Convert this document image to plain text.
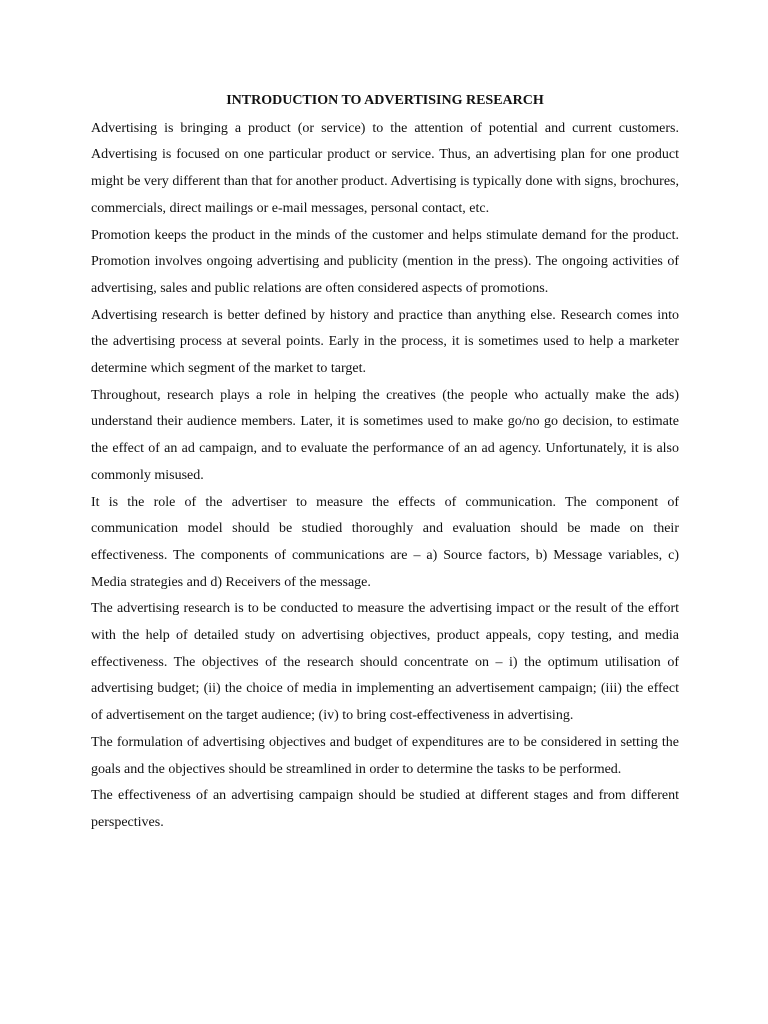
INTRODUCTION TO ADVERTISING RESEARCH

Advertising is bringing a product (or service) to the attention of potential and current customers. Advertising is focused on one particular product or service. Thus, an advertising plan for one product might be very different than that for another product. Advertising is typically done with signs, brochures, commercials, direct mailings or e-mail messages, personal contact, etc.

Promotion keeps the product in the minds of the customer and helps stimulate demand for the product. Promotion involves ongoing advertising and publicity (mention in the press). The ongoing activities of advertising, sales and public relations are often considered aspects of promotions.

Advertising research is better defined by history and practice than anything else. Research comes into the advertising process at several points. Early in the process, it is sometimes used to help a marketer determine which segment of the market to target.

Throughout, research plays a role in helping the creatives (the people who actually make the ads) understand their audience members. Later, it is sometimes used to make go/no go decision, to estimate the effect of an ad campaign, and to evaluate the performance of an ad agency. Unfortunately, it is also commonly misused.

It is the role of the advertiser to measure the effects of communication. The component of communication model should be studied thoroughly and evaluation should be made on their effectiveness. The components of communications are – a) Source factors, b) Message variables, c) Media strategies and d) Receivers of the message.

The advertising research is to be conducted to measure the advertising impact or the result of the effort with the help of detailed study on advertising objectives, product appeals, copy testing, and media effectiveness. The objectives of the research should concentrate on – i) the optimum utilisation of advertising budget; (ii) the choice of media in implementing an advertisement campaign; (iii) the effect of advertisement on the target audience; (iv) to bring cost-effectiveness in advertising.

The formulation of advertising objectives and budget of expenditures are to be considered in setting the goals and the objectives should be streamlined in order to determine the tasks to be performed.

The effectiveness of an advertising campaign should be studied at different stages and from different perspectives.
